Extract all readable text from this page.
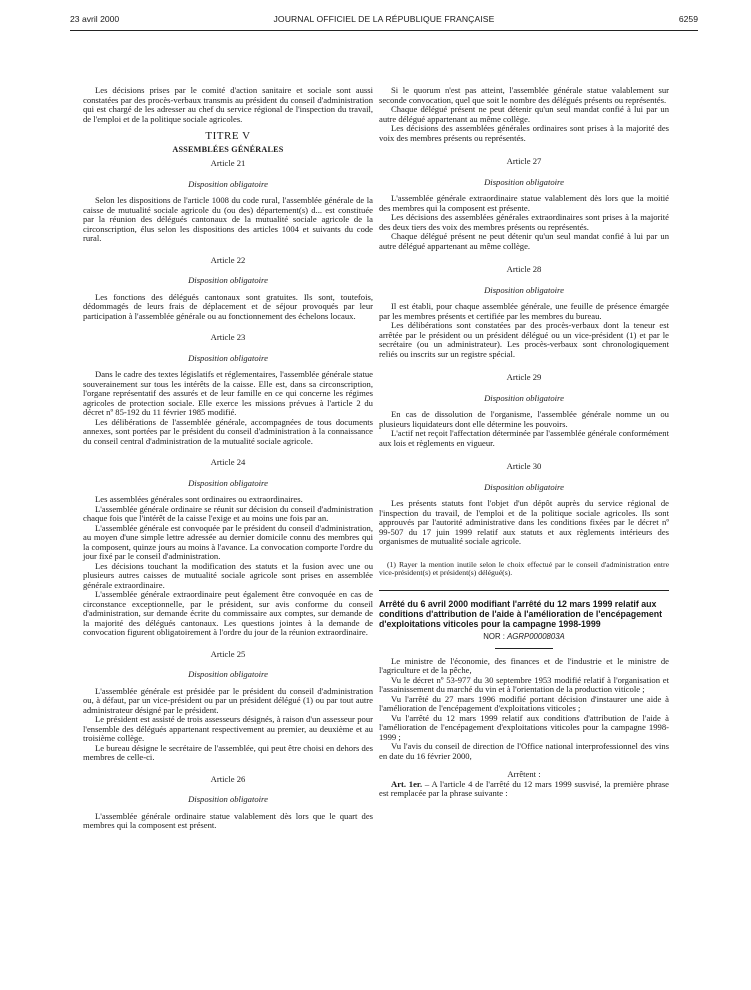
23 avril 2000	JOURNAL OFFICIEL DE LA RÉPUBLIQUE FRANÇAISE	6259

Les décisions prises par le comité d'action sanitaire et sociale sont aussi constatées par des procès-verbaux transmis au président du conseil d'administration qui est chargé de les adresser au chef du service régional de l'inspection du travail, de l'emploi et de la politique sociale agricoles.

TITRE V
ASSEMBLÉES GÉNÉRALES
Article 21
Disposition obligatoire

Selon les dispositions de l'article 1008 du code rural, l'assemblée générale de la caisse de mutualité sociale agricole du (ou des) département(s) d... est constituée par la réunion des délégués cantonaux de la mutualité sociale agricole de la circonscription, élus selon les dispositions des articles 1004 et suivants du code rural.

Article 22
Disposition obligatoire

Les fonctions des délégués cantonaux sont gratuites. Ils sont, toutefois, dédommagés de leurs frais de déplacement et de séjour provoqués par leur participation à l'assemblée générale ou au fonctionnement des échelons locaux.

Article 23
Disposition obligatoire

Dans le cadre des textes législatifs et réglementaires, l'assemblée générale statue souverainement sur tous les intérêts de la caisse. Elle est, dans sa circonscription, l'organe représentatif des assurés et de leur famille en ce qui concerne les régimes agricoles de protection sociale. Elle exerce les missions prévues à l'article 2 du décret nº 85-192 du 11 février 1985 modifié.

Les délibérations de l'assemblée générale, accompagnées de tous documents annexes, sont portées par le président du conseil d'administration à la connaissance du conseil central d'administration de la mutualité sociale agricole.

Article 24
Disposition obligatoire

Les assemblées générales sont ordinaires ou extraordinaires.

L'assemblée générale ordinaire se réunit sur décision du conseil d'administration chaque fois que l'intérêt de la caisse l'exige et au moins une fois par an.

L'assemblée générale est convoquée par le président du conseil d'administration, au moyen d'une simple lettre adressée au dernier domicile connu des membres qui la composent, quinze jours au moins à l'avance. La convocation comporte l'ordre du jour fixé par le conseil d'administration.

Les décisions touchant la modification des statuts et la fusion avec une ou plusieurs autres caisses de mutualité sociale agricole sont prises en assemblée générale extraordinaire.

L'assemblée générale extraordinaire peut également être convoquée en cas de circonstance exceptionnelle, par le président, sur avis conforme du conseil d'administration, sur demande écrite du commissaire aux comptes, sur demande de la majorité des délégués cantonaux. Les questions jointes à la demande de convocation figurent obligatoirement à l'ordre du jour de la réunion extraordinaire.

Article 25
Disposition obligatoire

L'assemblée générale est présidée par le président du conseil d'administration ou, à défaut, par un vice-président ou par un président délégué (1) ou par tout autre administrateur désigné par le président.

Le président est assisté de trois assesseurs désignés, à raison d'un assesseur pour l'ensemble des délégués appartenant respectivement au premier, au deuxième et au troisième collège.

Le bureau désigne le secrétaire de l'assemblée, qui peut être choisi en dehors des membres de celle-ci.

Article 26
Disposition obligatoire

L'assemblée générale ordinaire statue valablement dès lors que le quart des membres qui la composent est présent.

Si le quorum n'est pas atteint, l'assemblée générale statue valablement sur seconde convocation, quel que soit le nombre des délégués présents ou représentés.

Chaque délégué présent ne peut détenir qu'un seul mandat confié à lui par un autre délégué appartenant au même collège.

Les décisions des assemblées générales ordinaires sont prises à la majorité des voix des membres présents ou représentés.

Article 27
Disposition obligatoire

L'assemblée générale extraordinaire statue valablement dès lors que la moitié des membres qui la composent est présente.

Les décisions des assemblées générales extraordinaires sont prises à la majorité des deux tiers des voix des membres présents ou représentés.

Chaque délégué présent ne peut détenir qu'un seul mandat confié à lui par un autre délégué appartenant au même collège.

Article 28
Disposition obligatoire

Il est établi, pour chaque assemblée générale, une feuille de présence émargée par les membres présents et certifiée par les membres du bureau.

Les délibérations sont constatées par des procès-verbaux dont la teneur est arrêtée par le président ou un président délégué ou un vice-président (1) et par le secrétaire (ou un administrateur). Les procès-verbaux sont chronologiquement reliés ou inscrits sur un registre spécial.

Article 29
Disposition obligatoire

En cas de dissolution de l'organisme, l'assemblée générale nomme un ou plusieurs liquidateurs dont elle détermine les pouvoirs.

L'actif net reçoit l'affectation déterminée par l'assemblée générale conformément aux lois et règlements en vigueur.

Article 30
Disposition obligatoire

Les présents statuts font l'objet d'un dépôt auprès du service régional de l'inspection du travail, de l'emploi et de la politique sociale agricoles. Ils sont approuvés par l'autorité administrative dans les conditions fixées par le décret nº 99-507 du 17 juin 1999 relatif aux statuts et aux règlements intérieurs des organismes de mutualité sociale agricole.

(1) Rayer la mention inutile selon le choix effectué par le conseil d'administration entre vice-président(s) et président(s) délégué(s).

Arrêté du 6 avril 2000 modifiant l'arrêté du 12 mars 1999 relatif aux conditions d'attribution de l'aide à l'amélioration de l'encépagement d'exploitations viticoles pour la campagne 1998-1999
NOR : AGRP0000803A

Le ministre de l'économie, des finances et de l'industrie et le ministre de l'agriculture et de la pêche,

Vu le décret nº 53-977 du 30 septembre 1953 modifié relatif à l'organisation et l'assainissement du marché du vin et à l'orientation de la production viticole ;

Vu l'arrêté du 27 mars 1996 modifié portant décision d'instaurer une aide à l'amélioration de l'encépagement d'exploitations viticoles ;

Vu l'arrêté du 12 mars 1999 relatif aux conditions d'attribution de l'aide à l'amélioration de l'encépagement d'exploitations viticoles pour la campagne 1998-1999 ;

Vu l'avis du conseil de direction de l'Office national interprofessionnel des vins en date du 16 février 2000,

Arrêtent :

Art. 1er. – A l'article 4 de l'arrêté du 12 mars 1999 susvisé, la première phrase est remplacée par la phrase suivante :
